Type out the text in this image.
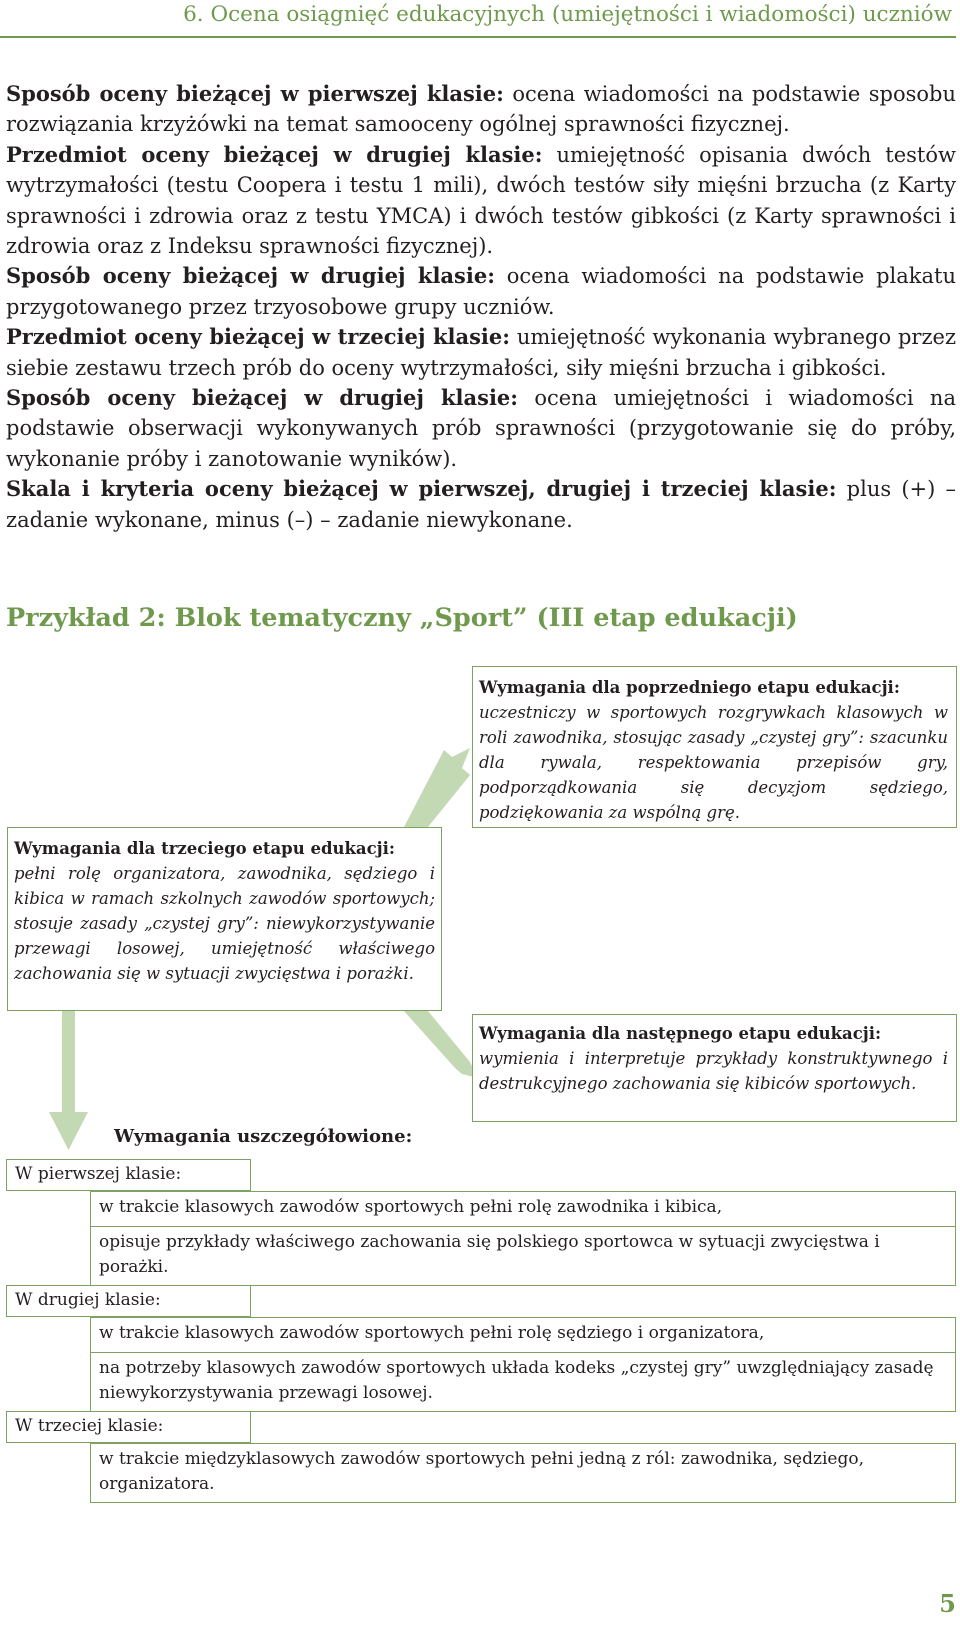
6. Ocena osiągnięć edukacyjnych (umiejętności i wiadomości) uczniów

Sposób oceny bieżącej w pierwszej klasie: ocena wiadomości na podstawie sposobu rozwiązania krzyżówki na temat samooceny ogólnej sprawności fizycznej.

Przedmiot oceny bieżącej w drugiej klasie: umiejętność opisania dwóch testów wytrzymałości (testu Coopera i testu 1 mili), dwóch testów siły mięśni brzucha (z Karty sprawności i zdrowia oraz z testu YMCA) i dwóch testów gibkości (z Karty sprawności i zdrowia oraz z Indeksu sprawności fizycznej).

Sposób oceny bieżącej w drugiej klasie: ocena wiadomości na podstawie plakatu przygotowanego przez trzyosobowe grupy uczniów.

Przedmiot oceny bieżącej w trzeciej klasie: umiejętność wykonania wybranego przez siebie zestawu trzech prób do oceny wytrzymałości, siły mięśni brzucha i gibkości.

Sposób oceny bieżącej w drugiej klasie: ocena umiejętności i wiadomości na podstawie obserwacji wykonywanych prób sprawności (przygotowanie się do próby, wykonanie próby i zanotowanie wyników).

Skala i kryteria oceny bieżącej w pierwszej, drugiej i trzeciej klasie: plus (+) – zadanie wykonane, minus (–) – zadanie niewykonane.

Przykład 2: Blok tematyczny „Sport” (III etap edukacji)
Wymagania dla poprzedniego etapu edukacji:
uczestniczy w sportowych rozgrywkach klasowych w roli zawodnika, stosując zasady „czystej gry”: szacunku dla rywala, respektowania przepisów gry, podporządkowania się decyzjom sędziego, podziękowania za wspólną grę.
Wymagania dla trzeciego etapu edukacji:
pełni rolę organizatora, zawodnika, sędziego i kibica w ramach szkolnych zawodów sportowych; stosuje zasady „czystej gry”: niewykorzystywanie przewagi losowej, umiejętność właściwego zachowania się w sytuacji zwycięstwa i porażki.
Wymagania dla następnego etapu edukacji:
wymienia i interpretuje przykłady konstruktywnego i destrukcyjnego zachowania się kibiców sportowych.
Wymagania uszczegółowione:
W pierwszej klasie:
w trakcie klasowych zawodów sportowych pełni rolę zawodnika i kibica,
opisuje przykłady właściwego zachowania się polskiego sportowca w sytuacji zwycięstwa i porażki.
W drugiej klasie:
w trakcie klasowych zawodów sportowych pełni rolę sędziego i organizatora,
na potrzeby klasowych zawodów sportowych układa kodeks „czystej gry” uwzględniający zasadę niewykorzystywania przewagi losowej.
W trzeciej klasie:
w trakcie międzyklasowych zawodów sportowych pełni jedną z ról: zawodnika, sędziego, organizatora.
5
